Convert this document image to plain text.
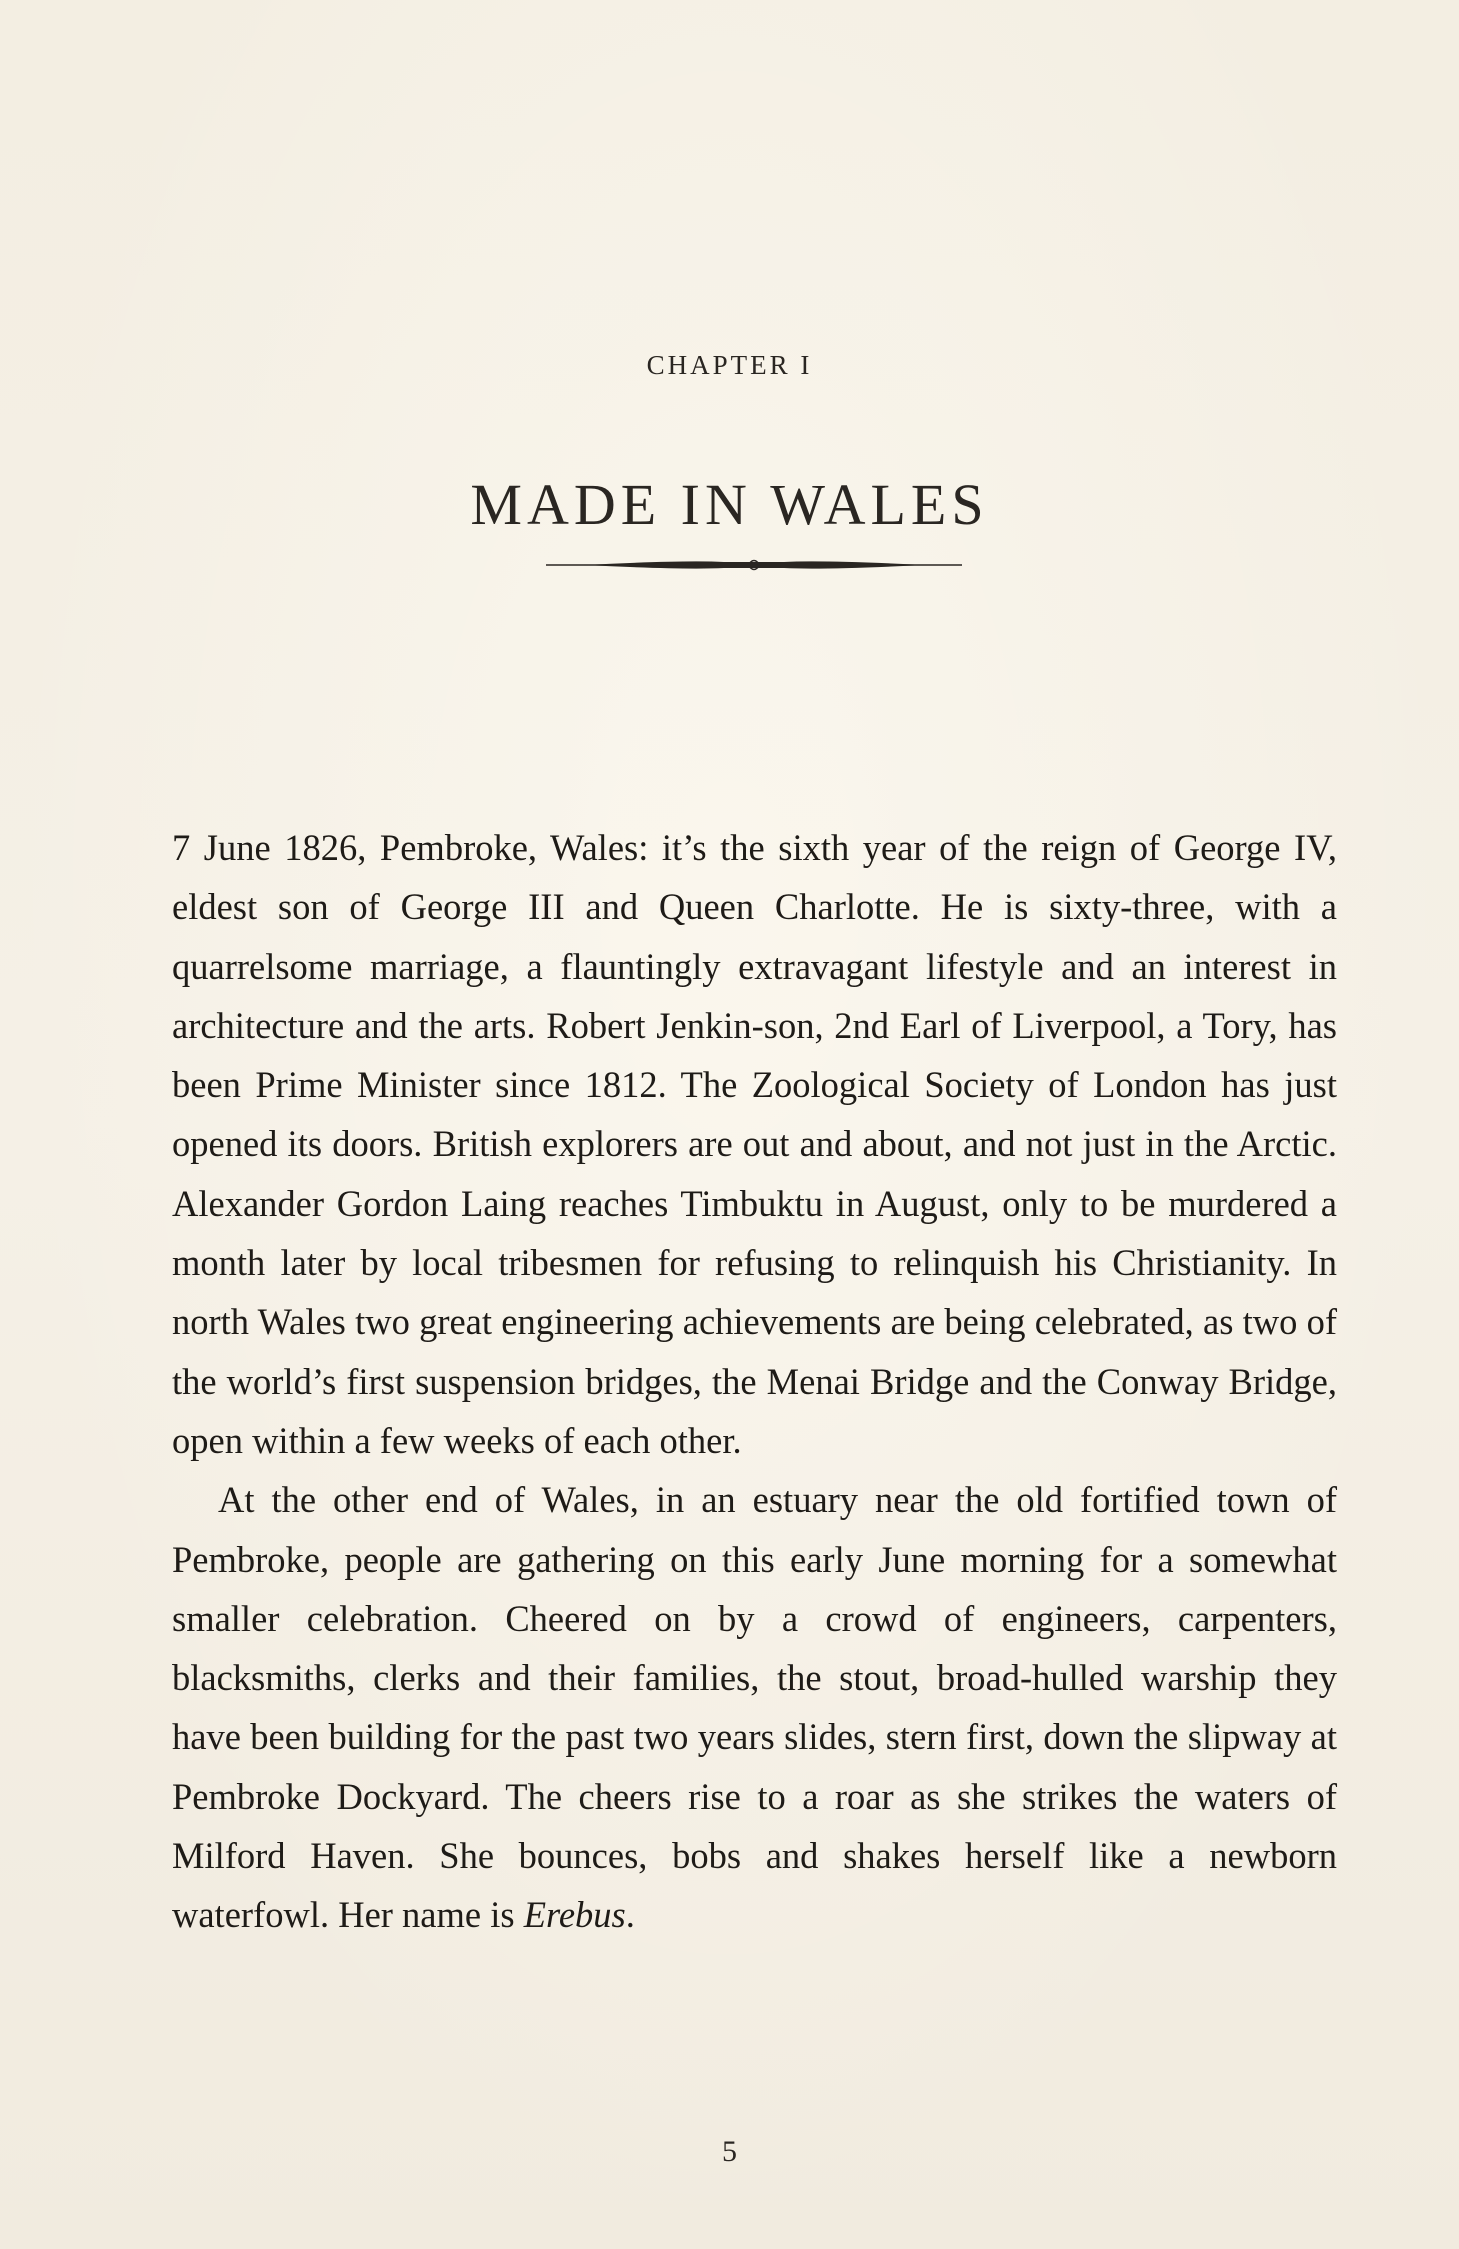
CHAPTER I
MADE IN WALES

7 June 1826, Pembroke, Wales: it’s the sixth year of the reign of George IV, eldest son of George III and Queen Charlotte. He is sixty-three, with a quarrelsome marriage, a flauntingly extravagant lifestyle and an interest in architecture and the arts. Robert Jenkin-son, 2nd Earl of Liverpool, a Tory, has been Prime Minister since 1812. The Zoological Society of London has just opened its doors. British explorers are out and about, and not just in the Arctic. Alexander Gordon Laing reaches Timbuktu in August, only to be murdered a month later by local tribesmen for refusing to relinquish his Christianity. In north Wales two great engineering achievements are being celebrated, as two of the world’s first suspension bridges, the Menai Bridge and the Conway Bridge, open within a few weeks of each other.

At the other end of Wales, in an estuary near the old fortified town of Pembroke, people are gathering on this early June morning for a somewhat smaller celebration. Cheered on by a crowd of engineers, carpenters, blacksmiths, clerks and their families, the stout, broad-hulled warship they have been building for the past two years slides, stern first, down the slipway at Pembroke Dockyard. The cheers rise to a roar as she strikes the waters of Milford Haven. She bounces, bobs and shakes herself like a newborn waterfowl. Her name is Erebus.

5
